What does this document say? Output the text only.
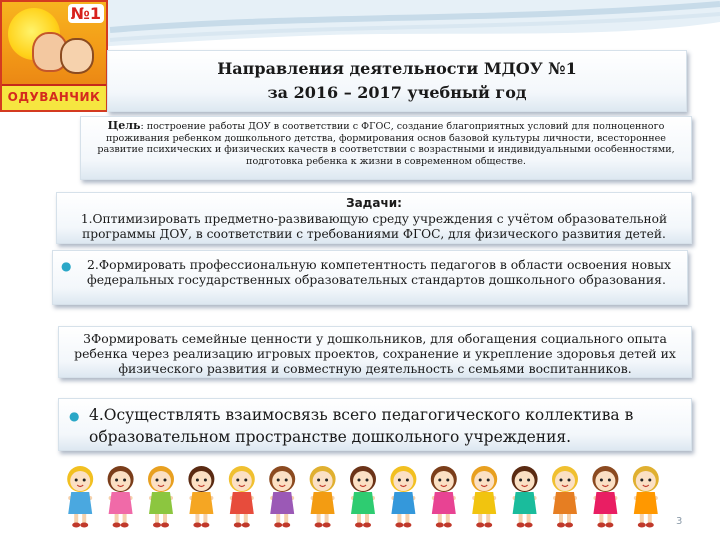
№1
ОДУВАНЧИК
Направления деятельности МДОУ №1
за 2016 – 2017 учебный год
Цель: построение работы ДОУ в соответствии с ФГОС, создание благоприятных условий для полноценного проживания ребенком дошкольного детства, формирования основ базовой культуры личности, всестороннее развитие психических и физических качеств в соответствии с возрастными и индивидуальными особенностями, подготовка ребенка к жизни в современном обществе.
Задачи:
1.Оптимизировать предметно-развивающую среду учреждения с учётом образовательной программы ДОУ, в соответствии с требованиями ФГОС, для физического развития детей.
● 2.Формировать профессиональную компетентность педагогов в области освоения новых федеральных государственных образовательных стандартов дошкольного образования.
3Формировать семейные ценности у дошкольников, для обогащения социального опыта ребенка через реализацию игровых проектов, сохранение и укрепление здоровья детей их физического развития и совместную деятельность с семьями воспитанников.
● 4.Осуществлять взаимосвязь всего педагогического коллектива в образовательном пространстве дошкольного учреждения.
3
